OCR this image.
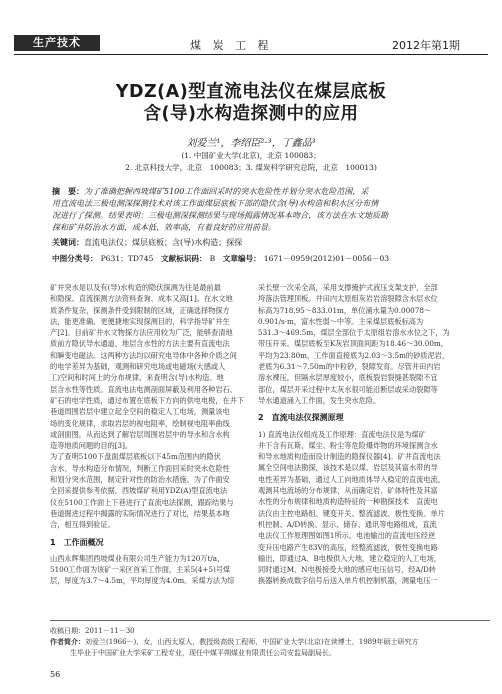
生产技术	煤 炭 工 程	2012年第1期
YDZ(A)型直流电法仪在煤层底板
含(导)水构造探测中的应用
刘爱兰¹，李绍臣²·³，丁鑫品³
(1. 中国矿业大学(北京)，北京 100083；
2. 北京科技大学，北京　100083；3. 煤炭科学研究总院，北京　100013)
摘　要：为了准确把握西坡煤矿5100工作面回采时的突水危险性并划分突水危险范围，采
用直流电法三极电测深探测技术对该工作面煤层底板下部的隐伏含(导)水构造和积水区分布情
况进行了探测。结果表明：三极电测深探测结果与现场揭露情况基本吻合，该方法在水文地质勘
探和矿井防治水方面，成本低、效率高，有着良好的应用前景。
关键词：直流电法仪；煤层底板；含(导)水构造；探探
中图分类号： P631；TD745　 文献标识码： B　 文章编号： 1671－0959(2012)01－0056－03

矿井突水是以及有(导)水构造的隐伏探测为往是最前最

和隐探、直流探测方法资料查询、成本又高[1]。在水文地

质条件复杂，探测条件受到限制的区域，正确选择物探方

法，能更准确、更便捷地实现探测目的，科学指导矿井生

产[2]。目前矿井水文物探方法应用较为广泛，能够查清地

质前方隐伏导水通道、地层含水性的方法主要有直流电法

和瞬变电磁法。这两种方法均以研究电导体中各种介质之间

的电学差异为基础，观测和研究电场或电磁场(大感或人

工)空间和时间上的分布规律，来查明含(导)水构造、地

层含水性等性质。直流电法电测剖面屏蔽及利用各种岩石、

矿石的电学性质，通过布置在底板下方向的供电电极，在井下

巷道周围岩层中建立起全空间的稳定人工电场，测量该电

场的变化规律，求取岩层的视电阻率，绘制视电阻率曲线

或剖面图，从而达到了解岩层周围岩层中的导水和含水构

造等地质问题的目的[3]。

为了查明5100下盘面煤层底板以下45m范围内的隐伏

含水、导水构造分布情况，判断工作面回采时突水危险性

和划分突水范围，制定针对性的防治水措施。为了作面安

全回采提供参考依据，西坡煤矿利用YDZ(A)型直流电法

仪在5100工作面上下巷进行了直流电法探测，跟踪结果与

巷道掘进过程中揭露的实际情况进行了对比，结果基本吻

合，相互得到验证。

1　工作面概况

山西永辉集团西坡煤业有限公司生产能力为120万t/a，

5100工作面为该矿一采区首采工作面，主采5(4+5)号煤

层，厚度为3.7～4.5m，平均厚度为4.0m。采煤方法为综

采长壁一次采全高，采用支撑掩护式液压支架支护，全部

垮落法管理顶板。井田内太原组灰岩岩溶裂隙含水层水位

标高为718.95～833.01m，单位涌水量为0.00078～

0.901/s·m，富水性弱～中等。主采煤层底板标高为

531.3～469.5m，煤层全部位于太原组岩溶水水位之下，为

带压开采。煤层底板至K灰岩顶面间距为18.46～30.00m，

平均为23.80m，工作面直接底为2.03～3.5m的砂质泥岩，

老底为6.31～7.50m的中粒砂，裂隙发育。尽管井田内岩

溶水裸压，但隔水层厚度较小，底板裂岩裂缝甚裂隙不宜

部位，煤层开采过程中太灰水很可能沿断层或采动裂隙等

导水通道涌入工作面，发生突水危险。

2　直流电法仪探测原理

1) 直流电法仪组成及工作原理：直流电法仪是为煤矿

井下含有瓦斯、煤尘、粉尘等危险爆炸物的环境探测含水

和导水地质构造而设计制造的隐探仪器[4]。矿井直流电法

属全空间电法勘探，该技术是以煤、岩层及其富水带的导

电性差异为基础，通过人工向地质体导入稳定的直流电流，

观测其电流场的分布规律，从而确定岩、矿体特性及其富

水性的分布规律和地质构造特征的一种勘探技术　直流电

法仪由主控电路组、键变开关、整流滤波、极性变换、单片

机控制、A/D转换、显示、储存、通讯等电路组成，直流

电法仪工作原理图如图1所示。电池输出的直流电压经逆

变升压电路产生83V的高压，经整流滤波，极性变换电路

输出，即通过A、B电极供入大地，建立稳定的人工电场，

同时通过M、N电极接受大地的感应电压信号，经A/D转

换器转换成数字信号后送入单片机控制机器，测量电压一

收稿日期：2011－11－30
作者简介：刘爱兰(1966－)，女，山西太原人，教授级高级工程师，中国矿业大学(北京)在读博士，1989年硕士研究方
生毕业于中国矿业大学采矿工程专业，现任中煤平朔煤业有限责任公司安监局副局长。
56
